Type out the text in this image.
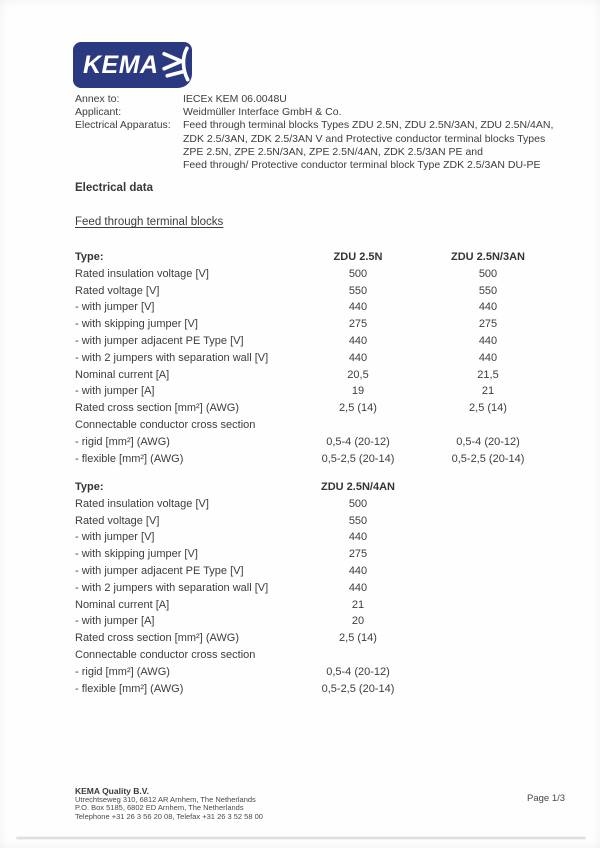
KEMA
Annex to:	IECEx KEM 06.0048U
Applicant:	Weidmüller Interface GmbH & Co.
Electrical Apparatus:	Feed through terminal blocks Types ZDU 2.5N, ZDU 2.5N/3AN, ZDU 2.5N/4AN,
ZDK 2.5/3AN, ZDK 2.5/3AN V and Protective conductor terminal blocks Types
ZPE 2.5N, ZPE 2.5N/3AN, ZPE 2.5N/4AN, ZDK 2.5/3AN PE and
Feed through/ Protective conductor terminal block Type ZDK 2.5/3AN DU-PE
Electrical data
Feed through terminal blocks
Type:	ZDU 2.5N	ZDU 2.5N/3AN
Rated insulation voltage [V]	500	500
Rated voltage [V]	550	550
- with jumper [V]	440	440
- with skipping jumper [V]	275	275
- with jumper adjacent PE Type [V]	440	440
- with 2 jumpers with separation wall [V]	440	440
Nominal current [A]	20,5	21,5
- with jumper [A]	19	21
Rated cross section [mm²] (AWG)	2,5 (14)	2,5 (14)
Connectable conductor cross section
- rigid [mm²] (AWG)	0,5-4 (20-12)	0,5-4 (20-12)
- flexible [mm²] (AWG)	0,5-2,5 (20-14)	0,5-2,5 (20-14)
Type:	ZDU 2.5N/4AN
Rated insulation voltage [V]	500
Rated voltage [V]	550
- with jumper [V]	440
- with skipping jumper [V]	275
- with jumper adjacent PE Type [V]	440
- with 2 jumpers with separation wall [V]	440
Nominal current [A]	21
- with jumper [A]	20
Rated cross section [mm²] (AWG)	2,5 (14)
Connectable conductor cross section
- rigid [mm²] (AWG)	0,5-4 (20-12)
- flexible [mm²] (AWG)	0,5-2,5 (20-14)
KEMA Quality B.V.
Utrechtseweg 310, 6812 AR Arnhem, The Netherlands
P.O. Box 5185, 6802 ED Arnhem, The Netherlands
Telephone +31 26 3 56 20 08, Telefax +31 26 3 52 58 00
Page 1/3
